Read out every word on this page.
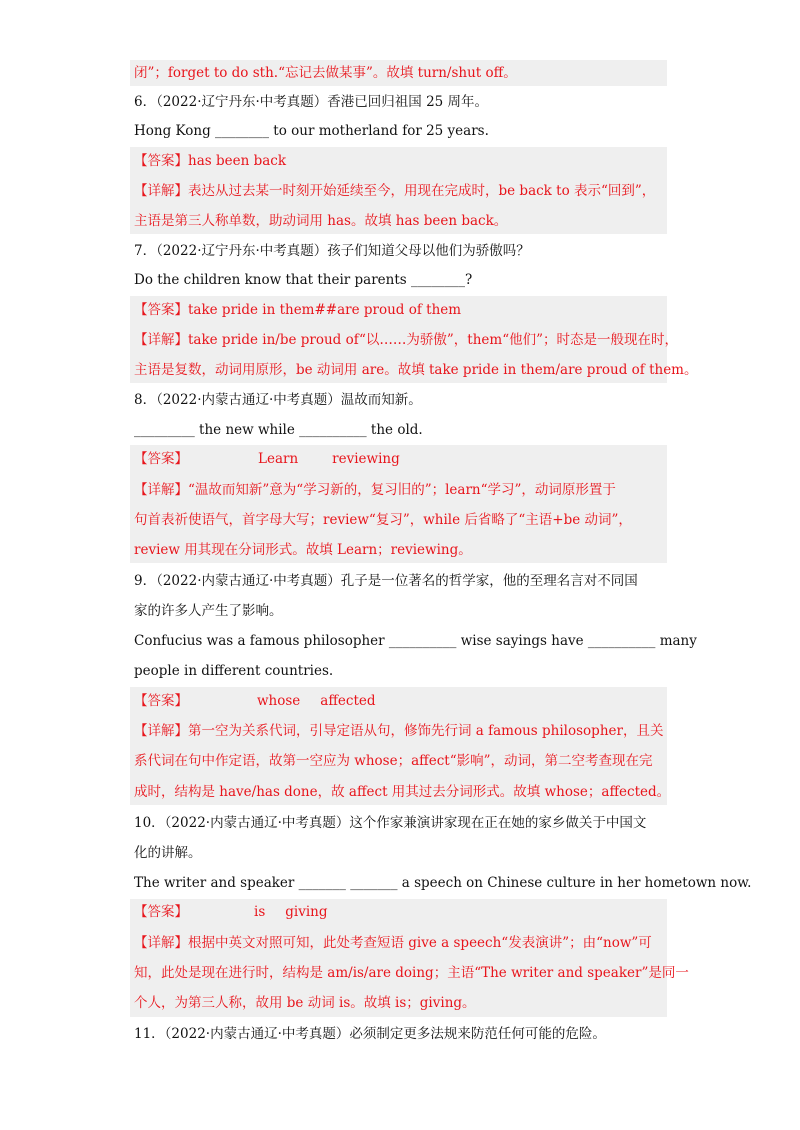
闭”；forget to do sth.“忘记去做某事”。故填 turn/shut off。
6．（2022·辽宁丹东·中考真题）香港已回归祖国 25 周年。
Hong Kong ________ to our motherland for 25 years.
【答案】has been back
【详解】表达从过去某一时刻开始延续至今，用现在完成时，be back to 表示“回到”，
主语是第三人称单数，助动词用 has。故填 has been back。
7．（2022·辽宁丹东·中考真题）孩子们知道父母以他们为骄傲吗？
Do the children know that their parents ________?
【答案】take pride in them##are proud of them
【详解】take pride in/be proud of“以……为骄傲”，them“他们”；时态是一般现在时，
主语是复数，动词用原形，be 动词用 are。故填 take pride in them/are proud of them。
8．（2022·内蒙古通辽·中考真题）温故而知新。
_________ the new while __________ the old.
【答案】	Learn	reviewing
【详解】“温故而知新”意为“学习新的，复习旧的”；learn“学习”，动词原形置于
句首表祈使语气，首字母大写；review“复习”，while 后省略了“主语+be 动词”，
review 用其现在分词形式。故填 Learn；reviewing。
9．（2022·内蒙古通辽·中考真题）孔子是一位著名的哲学家，他的至理名言对不同国
家的许多人产生了影响。
Confucius was a famous philosopher __________ wise sayings have __________ many
people in different countries.
【答案】	whose affected
【详解】第一空为关系代词，引导定语从句，修饰先行词 a famous philosopher，且关
系代词在句中作定语，故第一空应为 whose；affect“影响”，动词，第二空考查现在完
成时，结构是 have/has done，故 affect 用其过去分词形式。故填 whose；affected。
10．（2022·内蒙古通辽·中考真题）这个作家兼演讲家现在正在她的家乡做关于中国文
化的讲解。
The writer and speaker _______ _______ a speech on Chinese culture in her hometown now.
【答案】	is giving
【详解】根据中英文对照可知，此处考查短语 give a speech“发表演讲”；由“now”可
知，此处是现在进行时，结构是 am/is/are doing；主语“The writer and speaker”是同一
个人，为第三人称，故用 be 动词 is。故填 is；giving。
11．（2022·内蒙古通辽·中考真题）必须制定更多法规来防范任何可能的危险。
